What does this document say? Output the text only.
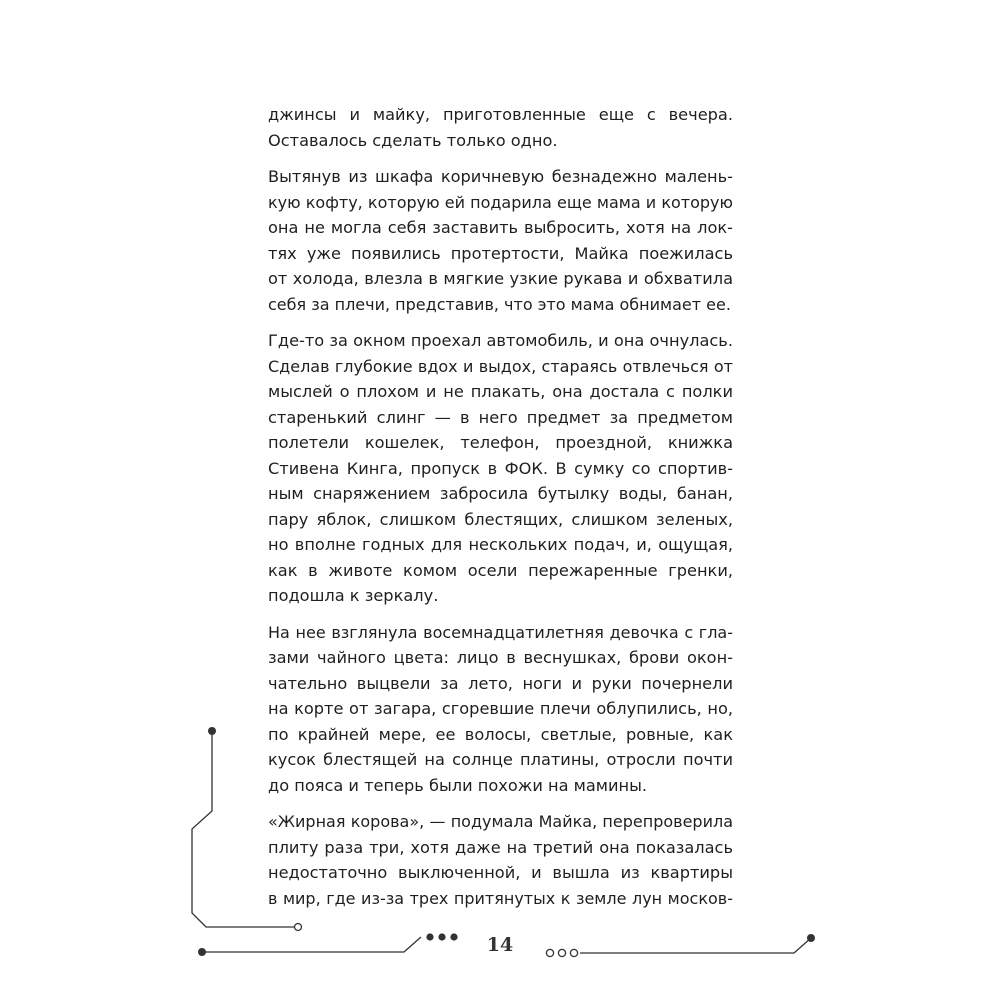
джинсы и майку, приготовленные еще с вечера.
Оставалось сделать только одно.
Вытянув из шкафа коричневую безнадежно малень-
кую кофту, которую ей подарила еще мама и которую
она не могла себя заставить выбросить, хотя на лок-
тях уже появились протертости, Майка поежилась
от холода, влезла в мягкие узкие рукава и обхватила
себя за плечи, представив, что это мама обнимает ее.
Где-то за окном проехал автомобиль, и она очнулась.
Сделав глубокие вдох и выдох, стараясь отвлечься от
мыслей о плохом и не плакать, она достала с полки
старенький слинг — в него предмет за предметом
полетели кошелек, телефон, проездной, книжка
Стивена Кинга, пропуск в ФОК. В сумку со спортив-
ным снаряжением забросила бутылку воды, банан,
пару яблок, слишком блестящих, слишком зеленых,
но вполне годных для нескольких подач, и, ощущая,
как в животе комом осели пережаренные гренки,
подошла к зеркалу.
На нее взглянула восемнадцатилетняя девочка с гла-
зами чайного цвета: лицо в веснушках, брови окон-
чательно выцвели за лето, ноги и руки почернели
на корте от загара, сгоревшие плечи облупились, но,
по крайней мере, ее волосы, светлые, ровные, как
кусок блестящей на солнце платины, отросли почти
до пояса и теперь были похожи на мамины.
«Жирная корова», — подумала Майка, перепроверила
плиту раза три, хотя даже на третий она показалась
недостаточно выключенной, и вышла из квартиры
в мир, где из-за трех притянутых к земле лун москов-
14
